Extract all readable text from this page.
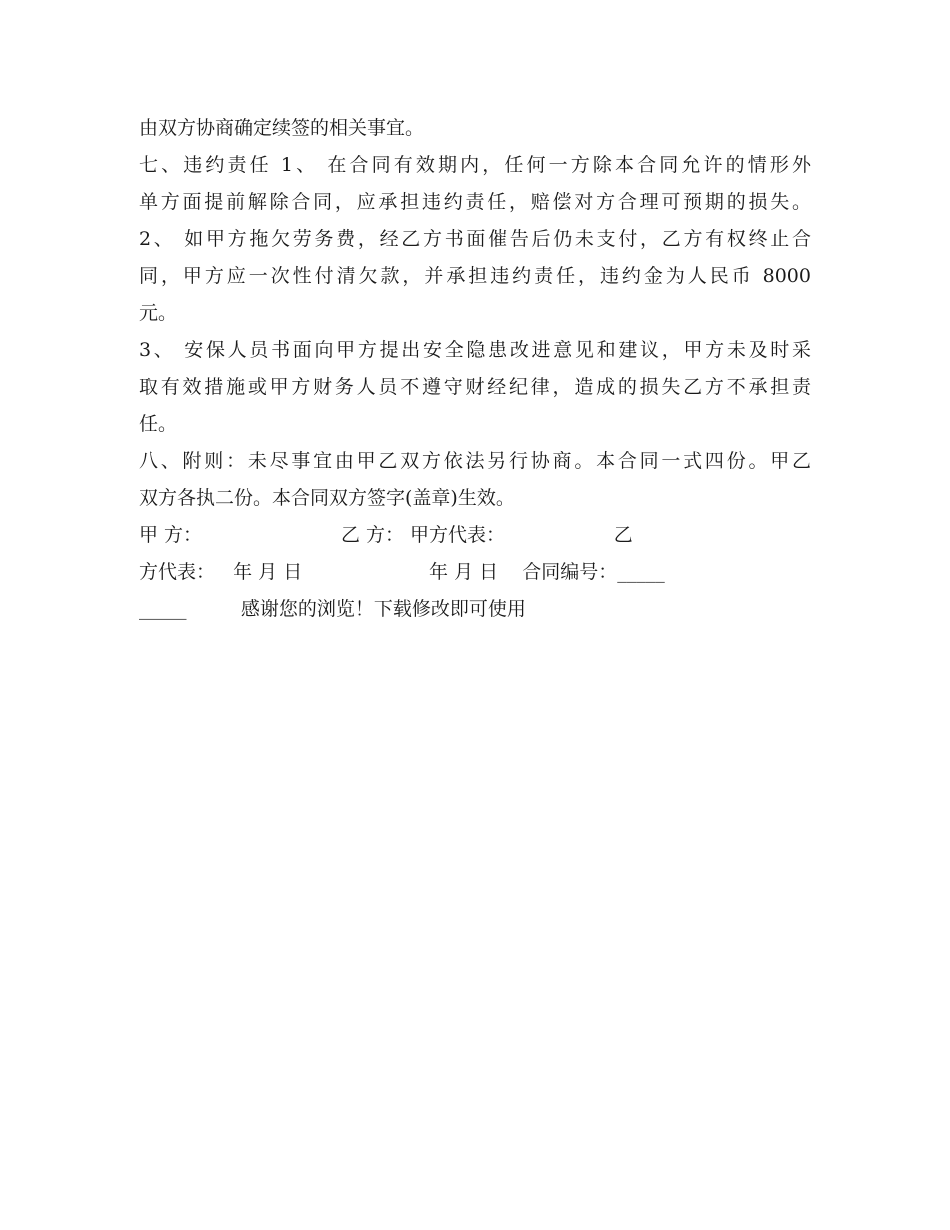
由双方协商确定续签的相关事宜。
七、违约责任 1、 在合同有效期内，任何一方除本合同允许的情形外
单方面提前解除合同，应承担违约责任，赔偿对方合理可预期的损失。
2、 如甲方拖欠劳务费，经乙方书面催告后仍未支付，乙方有权终止合
同，甲方应一次性付清欠款，并承担违约责任，违约金为人民币 8000
元。
3、 安保人员书面向甲方提出安全隐患改进意见和建议，甲方未及时采
取有效措施或甲方财务人员不遵守财经纪律，造成的损失乙方不承担责
任。
八、附则：未尽事宜由甲乙双方依法另行协商。本合同一式四份。甲乙
双方各执二份。本合同双方签字(盖章)生效。
甲 方：                       乙 方： 甲方代表：                  乙
方代表：   年 月 日                     年 月 日    合同编号：_____
_____         感谢您的浏览！下载修改即可使用
